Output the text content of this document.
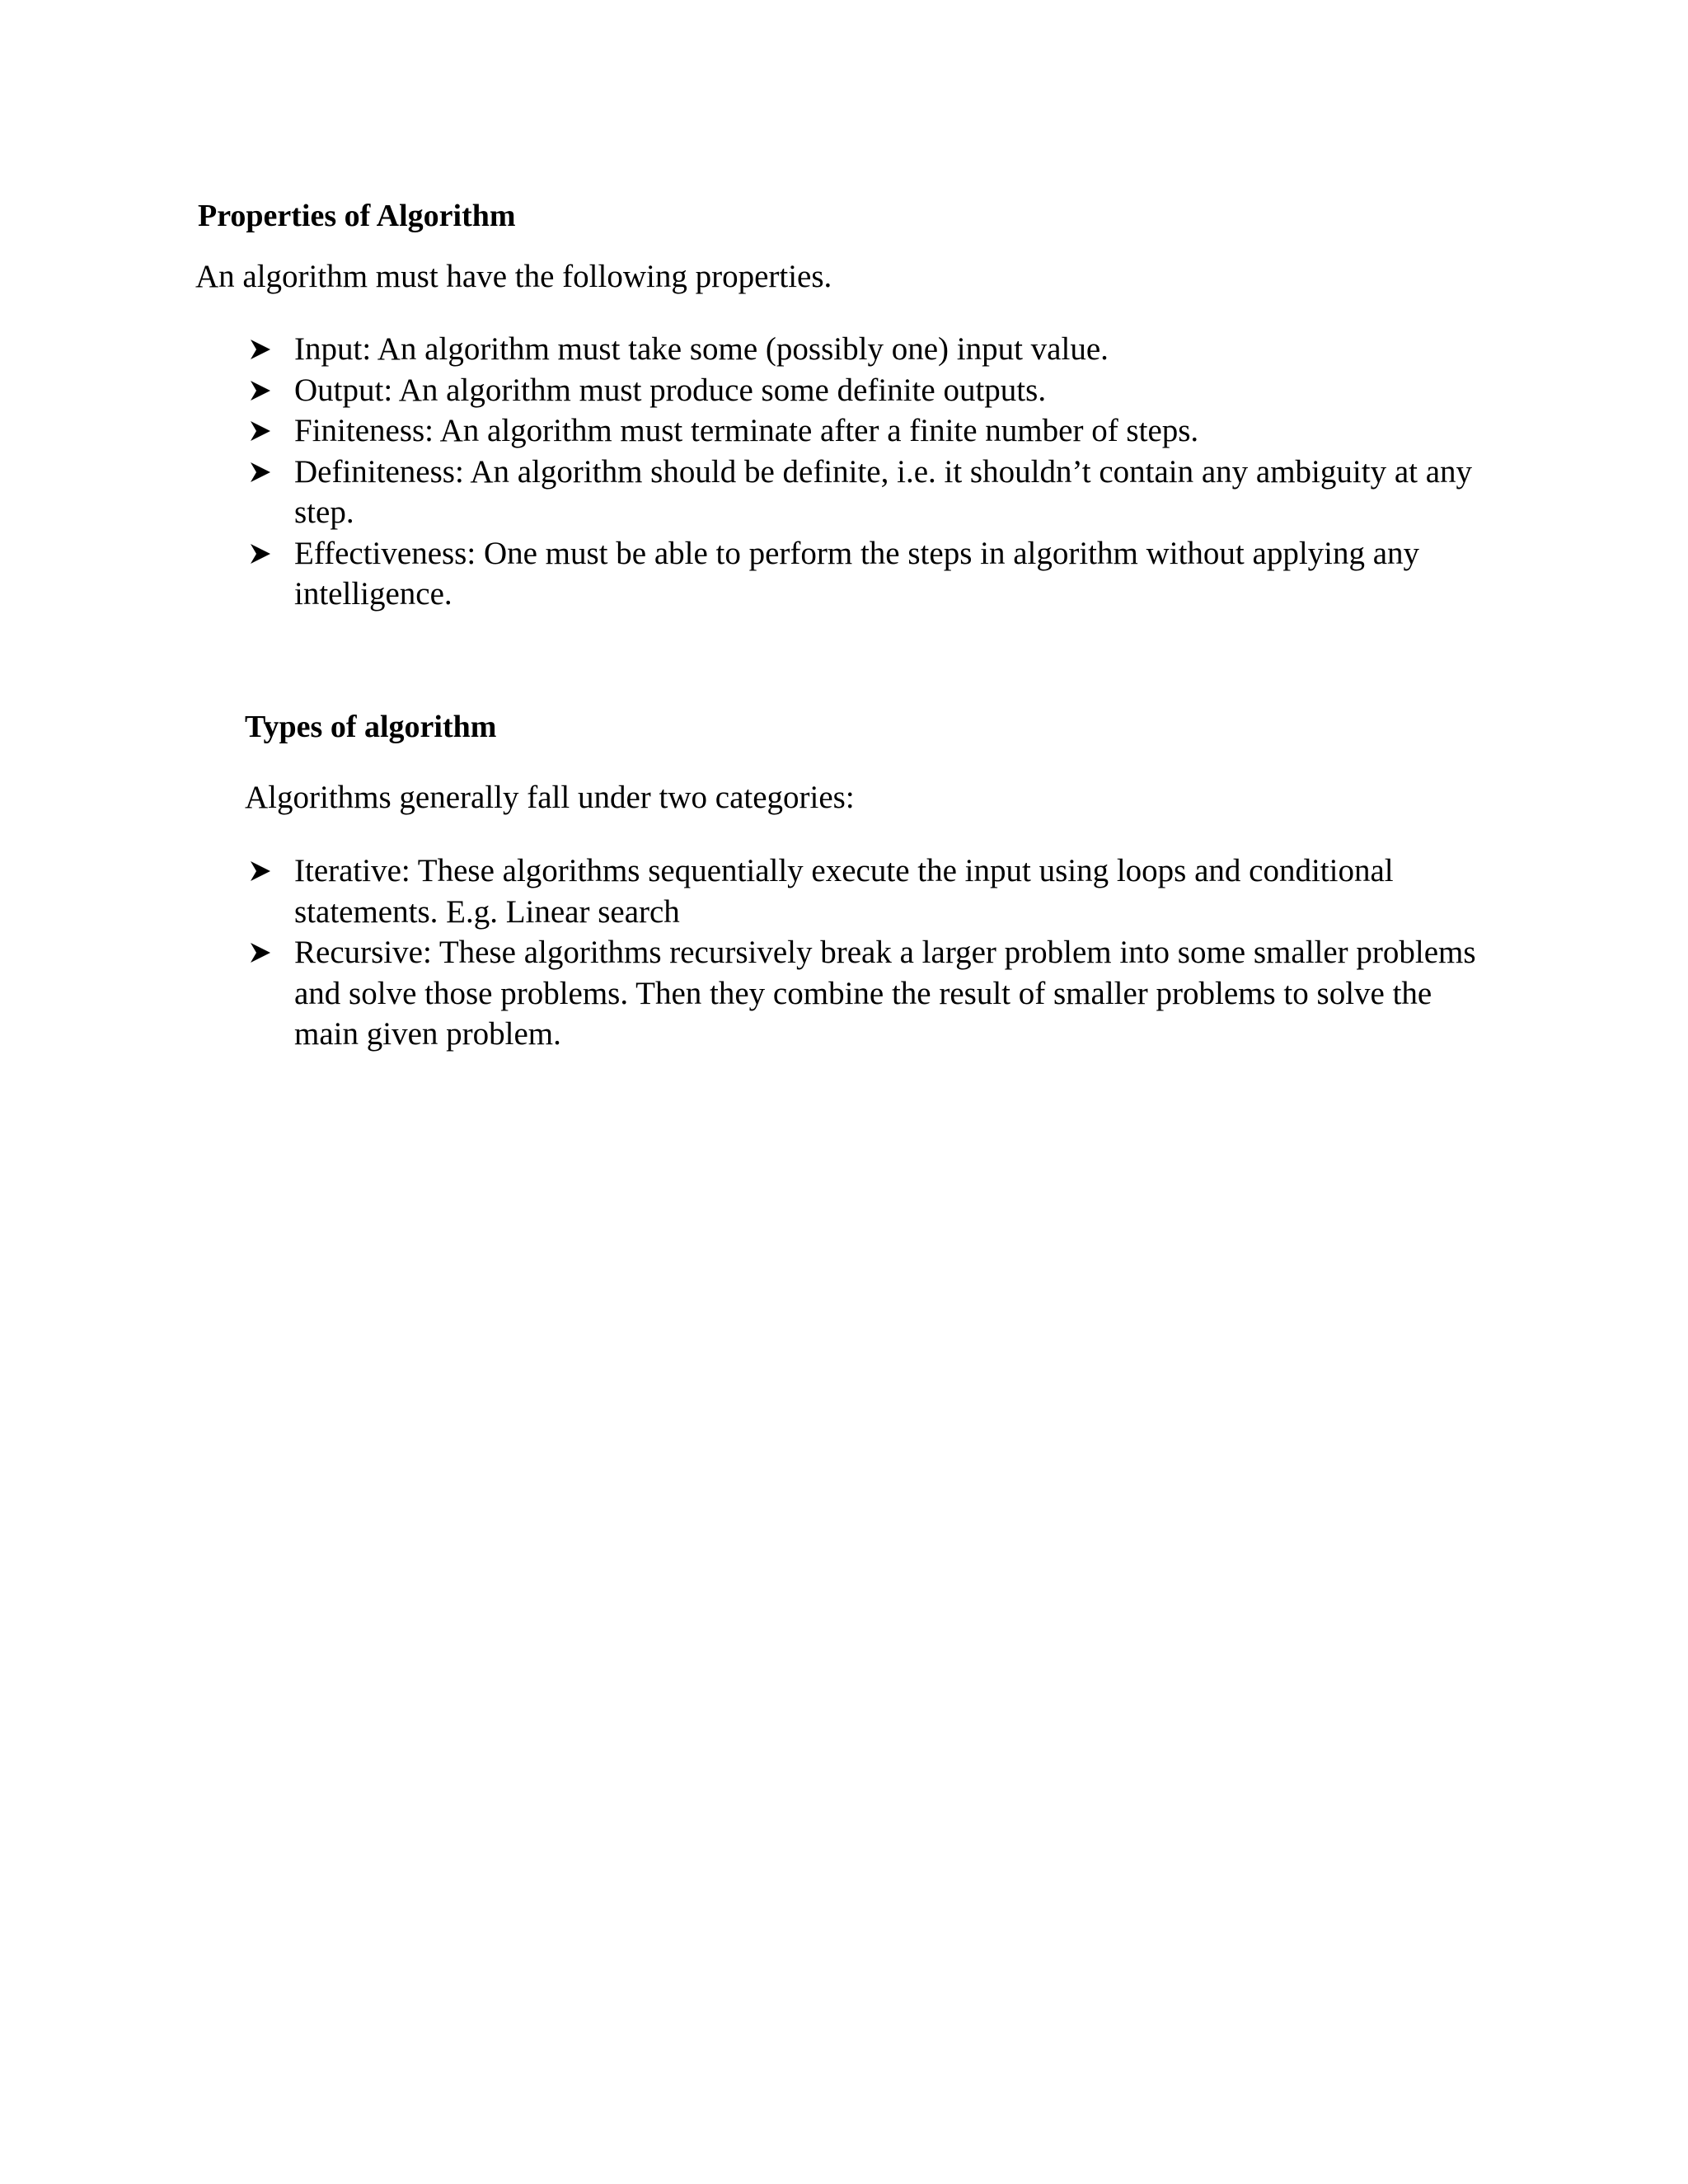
Properties of Algorithm

An algorithm must have the following properties.

Input: An algorithm must take some (possibly one) input value.
Output: An algorithm must produce some definite outputs.
Finiteness: An algorithm must terminate after a finite number of steps.
Definiteness: An algorithm should be definite, i.e. it shouldn’t contain any ambiguity at any step.
Effectiveness: One must be able to perform the steps in algorithm without applying any intelligence.
Types of algorithm

Algorithms generally fall under two categories:

Iterative: These algorithms sequentially execute the input using loops and conditional statements. E.g. Linear search
Recursive: These algorithms recursively break a larger problem into some smaller problems and solve those problems. Then they combine the result of smaller problems to solve the main given problem.
